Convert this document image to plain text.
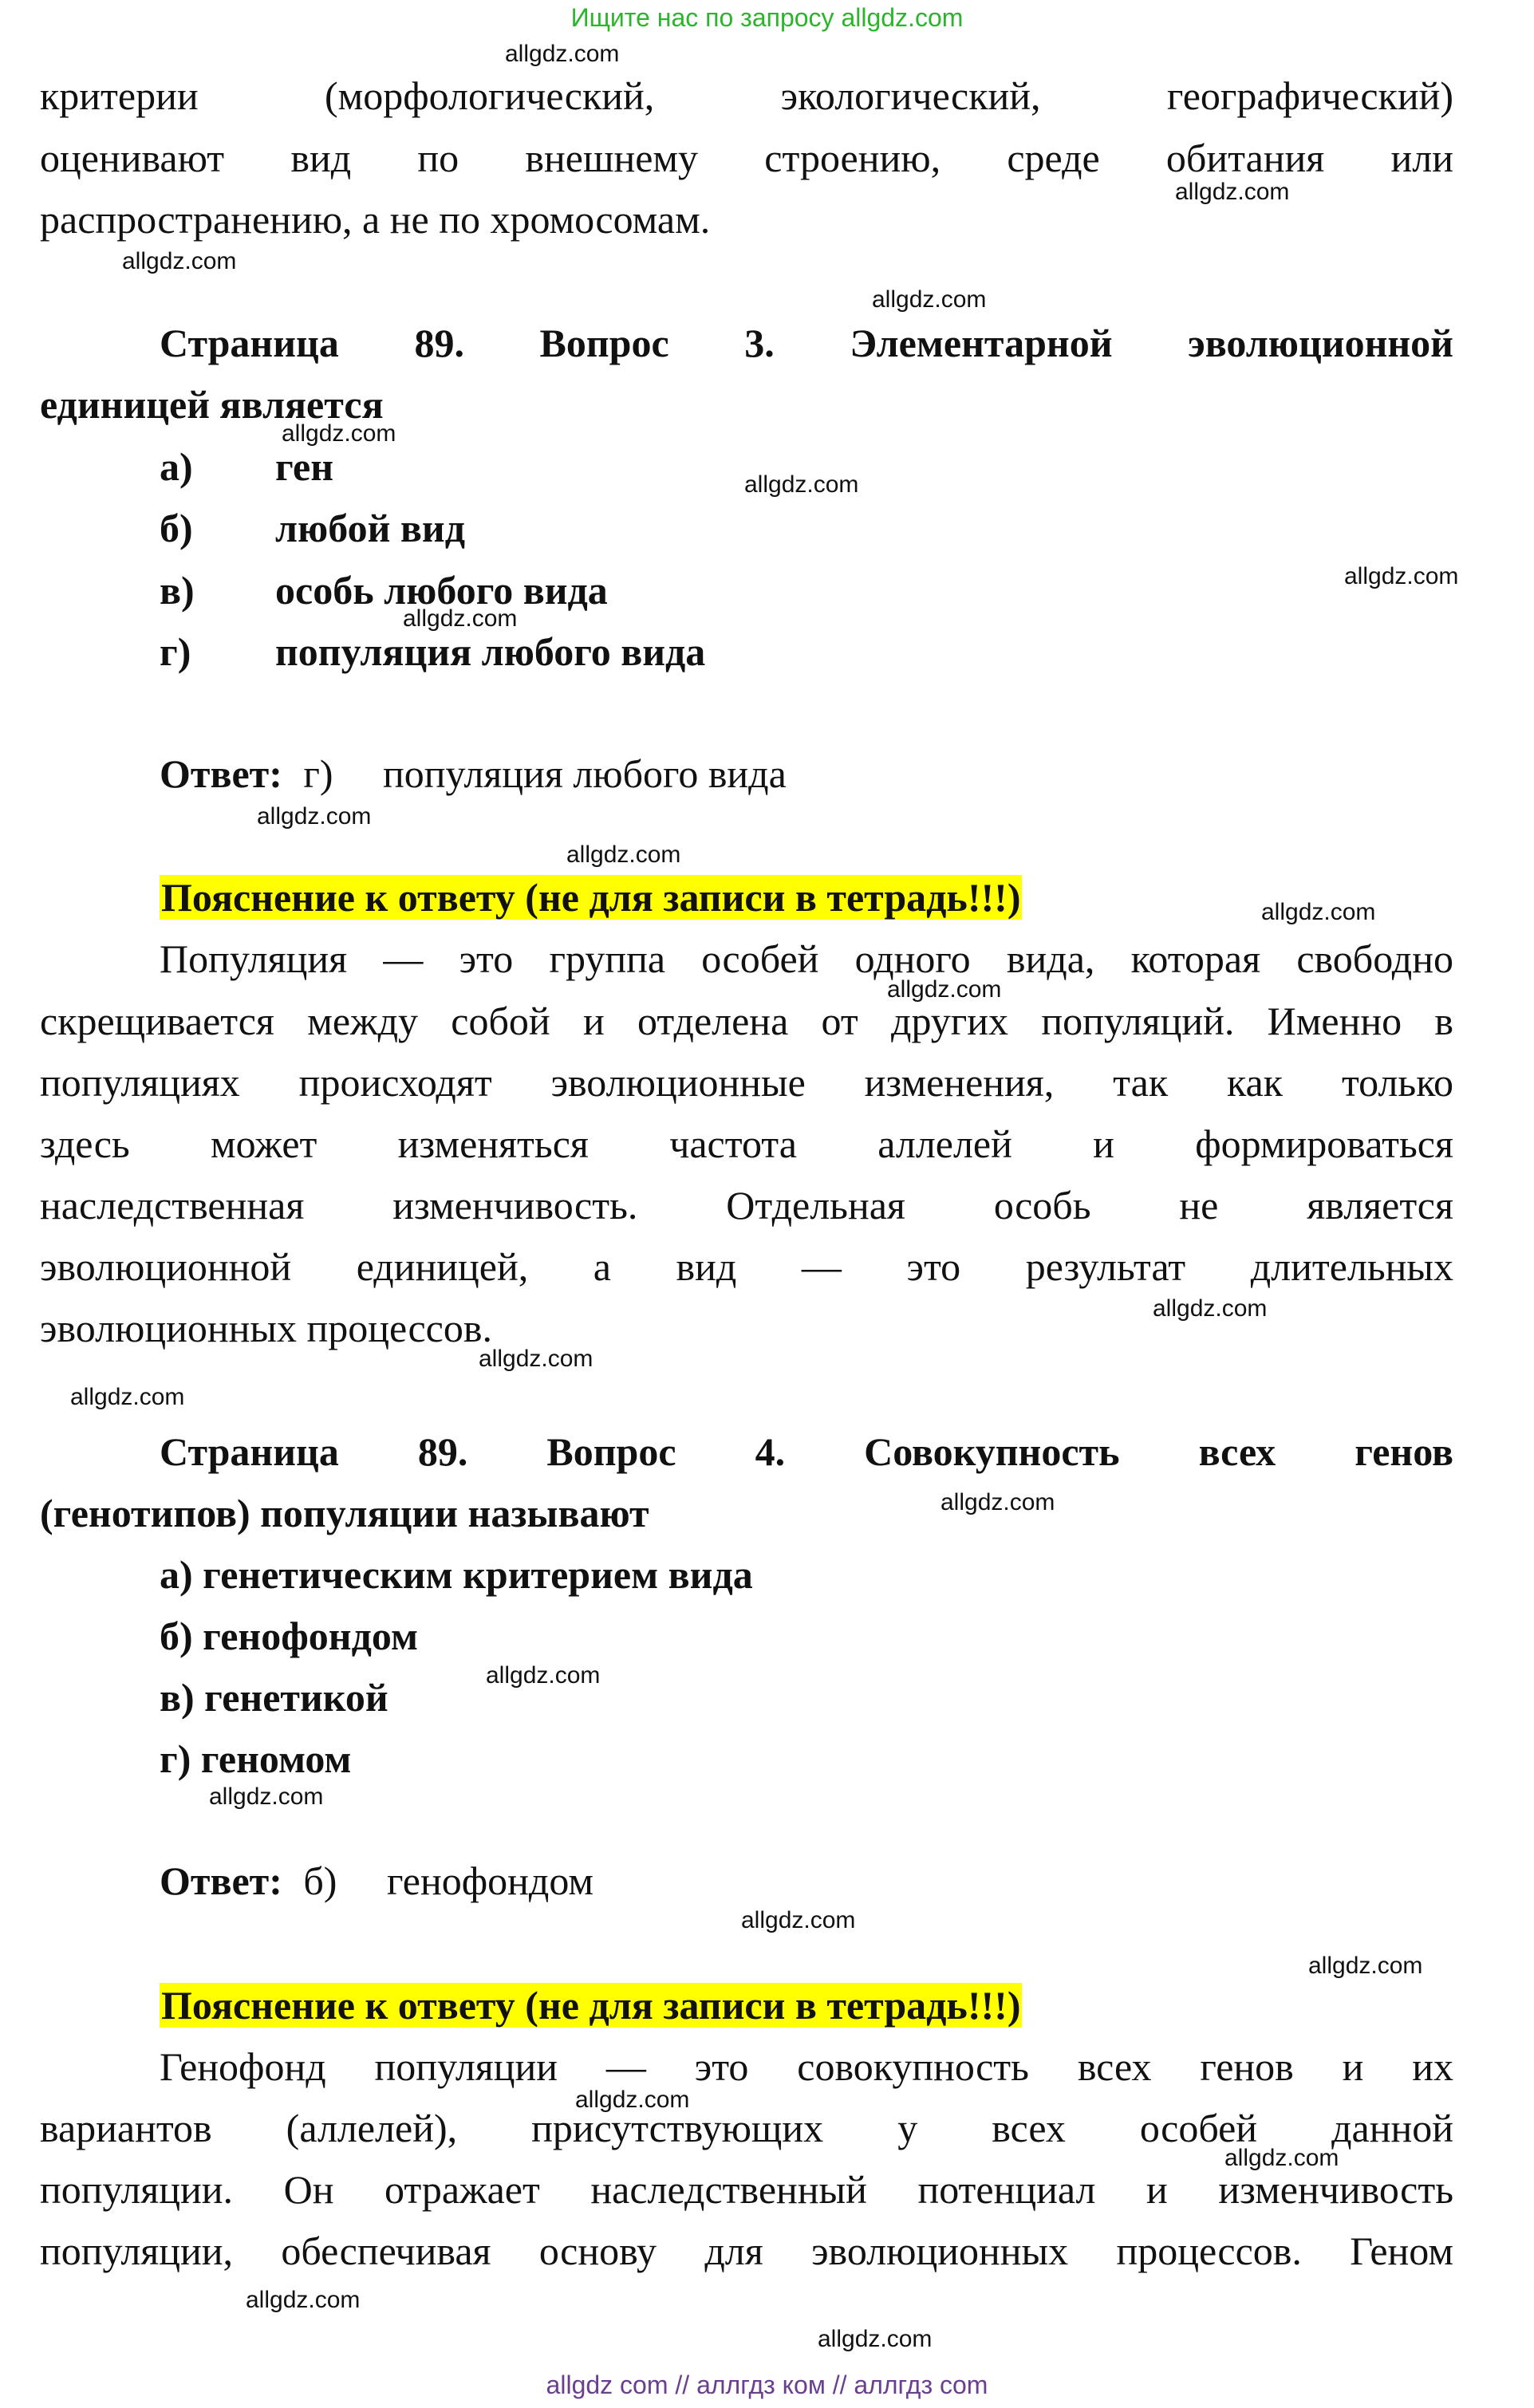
Ищите нас по запросу allgdz.com
критерии (морфологический, экологический, географический)
оценивают вид по внешнему строению, среде обитания или
распространению, а не по хромосомам.
Страница 89. Вопрос 3. Элементарной эволюционной
единицей является
а) ген
б) любой вид
в) особь любого вида
г) популяция любого вида
Ответ: г) популяция любого вида
Пояснение к ответу (не для записи в тетрадь!!!)
Популяция — это группа особей одного вида, которая свободно
скрещивается между собой и отделена от других популяций. Именно в
популяциях происходят эволюционные изменения, так как только
здесь может изменяться частота аллелей и формироваться
наследственная изменчивость. Отдельная особь не является
эволюционной единицей, а вид — это результат длительных
эволюционных процессов.
Страница 89. Вопрос 4. Совокупность всех генов
(генотипов) популяции называют
а) генетическим критерием вида
б) генофондом
в) генетикой
г) геномом
Ответ: б) генофондом
Пояснение к ответу (не для записи в тетрадь!!!)
Генофонд популяции — это совокупность всех генов и их
вариантов (аллелей), присутствующих у всех особей данной
популяции. Он отражает наследственный потенциал и изменчивость
популяции, обеспечивая основу для эволюционных процессов. Геном
allgdz.com
allgdz.com
allgdz.com
allgdz.com
allgdz.com
allgdz.com
allgdz.com
allgdz.com
allgdz.com
allgdz.com
allgdz.com
allgdz.com
allgdz.com
allgdz.com
allgdz.com
allgdz.com
allgdz.com
allgdz.com
allgdz.com
allgdz.com
allgdz.com
allgdz.com
allgdz.com
allgdz.com
allgdz com // аллгдз ком // аллгдз com
